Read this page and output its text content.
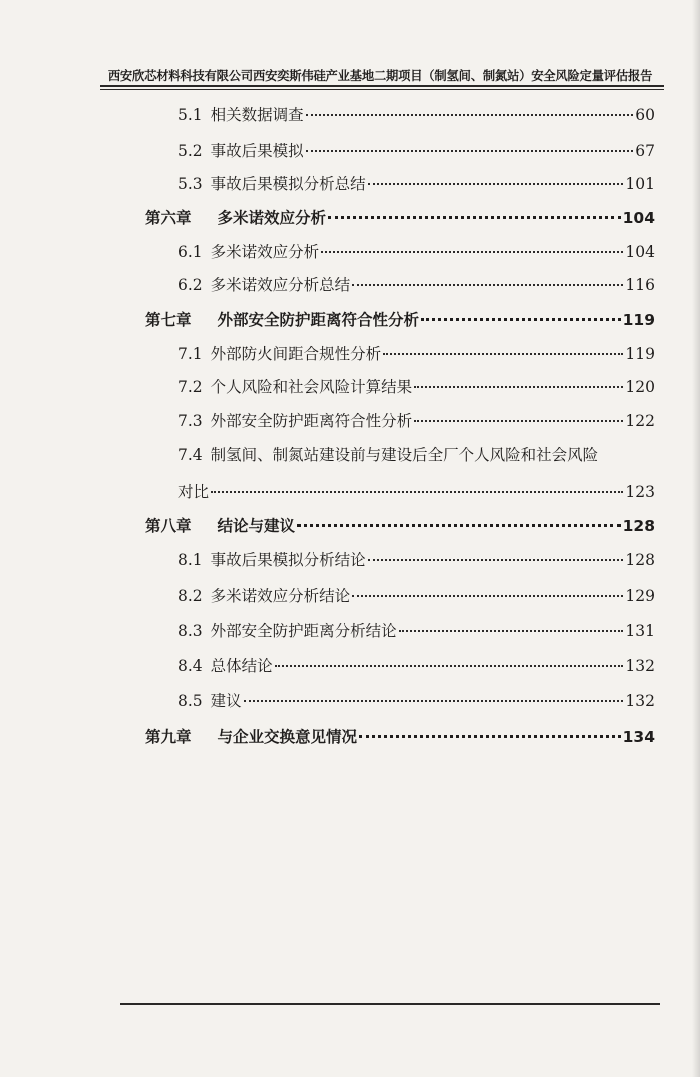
西安欣芯材料科技有限公司西安奕斯伟硅产业基地二期项目（制氢间、制氮站）安全风险定量评估报告
5.1 相关数据调查	60
5.2 事故后果模拟	67
5.3 事故后果模拟分析总结	101
第六章 多米诺效应分析	104
6.1 多米诺效应分析	104
6.2 多米诺效应分析总结	116
第七章 外部安全防护距离符合性分析	119
7.1 外部防火间距合规性分析	119
7.2 个人风险和社会风险计算结果	120
7.3 外部安全防护距离符合性分析	122
7.4 制氢间、制氮站建设前与建设后全厂个人风险和社会风险
对比	123
第八章 结论与建议	128
8.1 事故后果模拟分析结论	128
8.2 多米诺效应分析结论	129
8.3 外部安全防护距离分析结论	131
8.4 总体结论	132
8.5 建议	132
第九章 与企业交换意见情况	134
